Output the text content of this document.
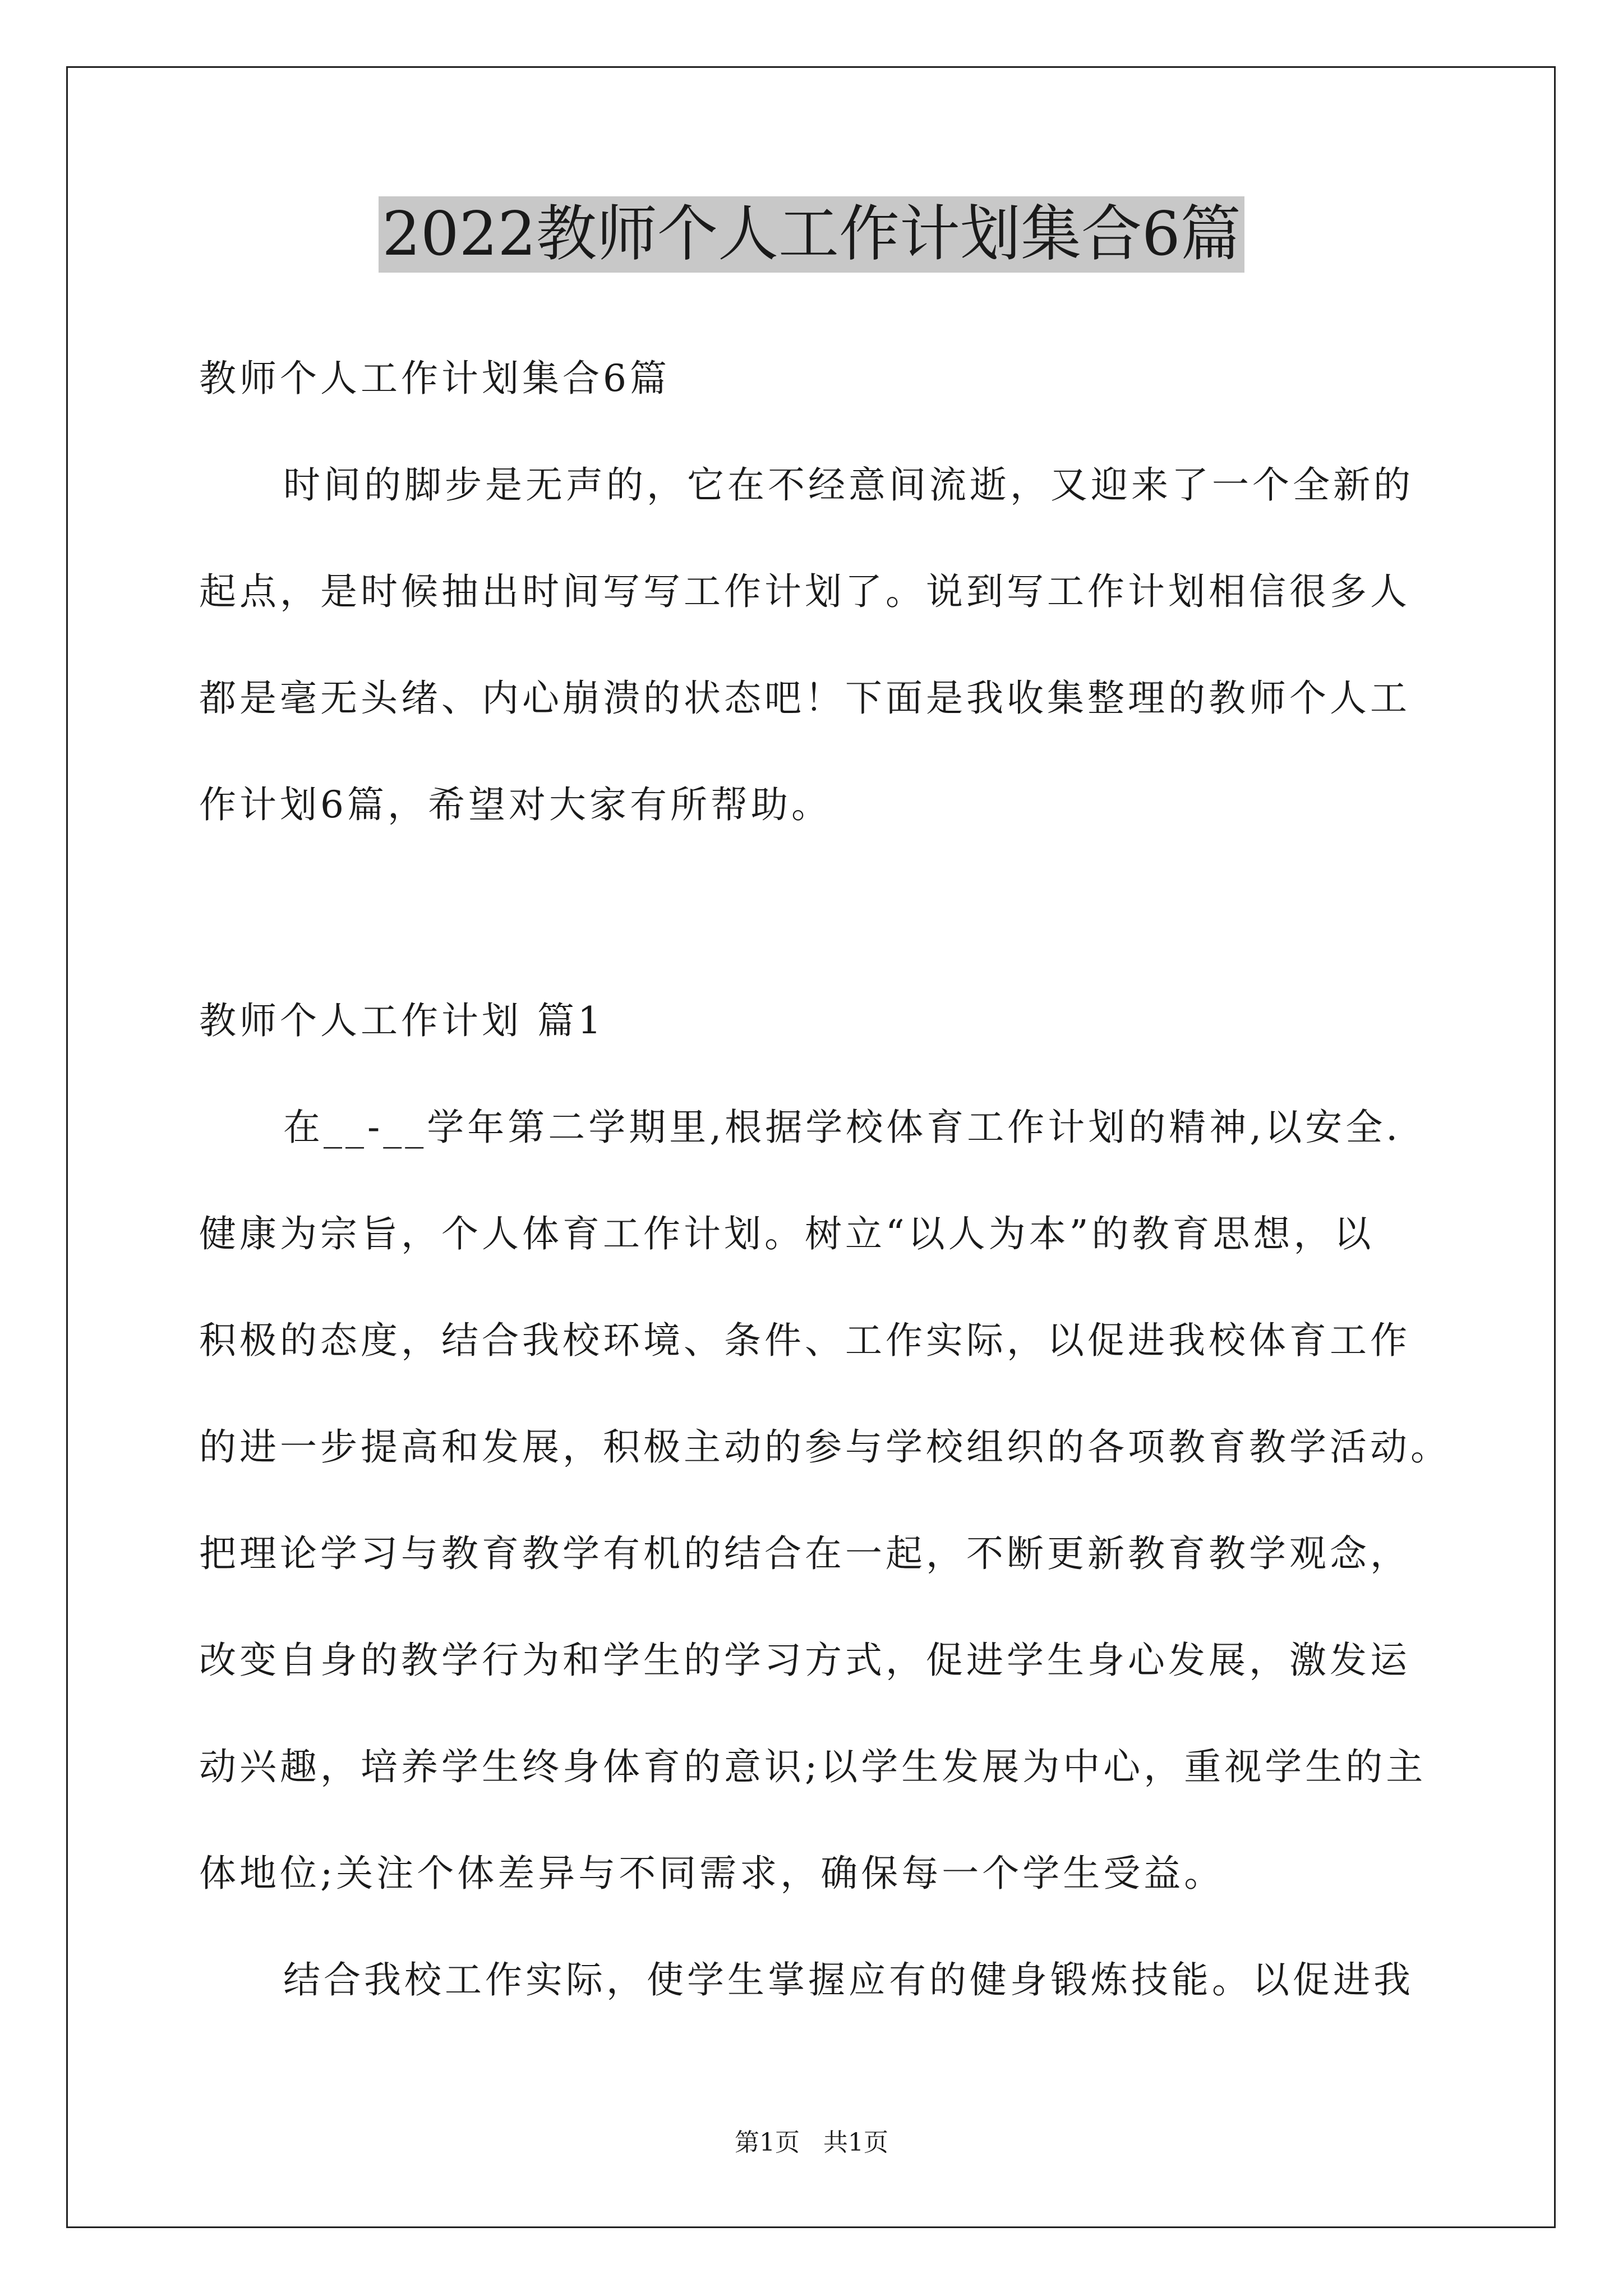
2022教师个人工作计划集合6篇
教师个人工作计划集合6篇
时间的脚步是无声的，它在不经意间流逝，又迎来了一个全新的
起点，是时候抽出时间写写工作计划了。说到写工作计划相信很多人
都是毫无头绪、内心崩溃的状态吧！下面是我收集整理的教师个人工
作计划6篇，希望对大家有所帮助。
教师个人工作计划 篇1
在__-__学年第二学期里,根据学校体育工作计划的精神,以安全.
健康为宗旨，个人体育工作计划。树立“以人为本”的教育思想，以
积极的态度，结合我校环境、条件、工作实际，以促进我校体育工作
的进一步提高和发展，积极主动的参与学校组织的各项教育教学活动。
把理论学习与教育教学有机的结合在一起，不断更新教育教学观念，
改变自身的教学行为和学生的学习方式，促进学生身心发展，激发运
动兴趣，培养学生终身体育的意识;以学生发展为中心，重视学生的主
体地位;关注个体差异与不同需求，确保每一个学生受益。
结合我校工作实际，使学生掌握应有的健身锻炼技能。以促进我
第1页 共1页
